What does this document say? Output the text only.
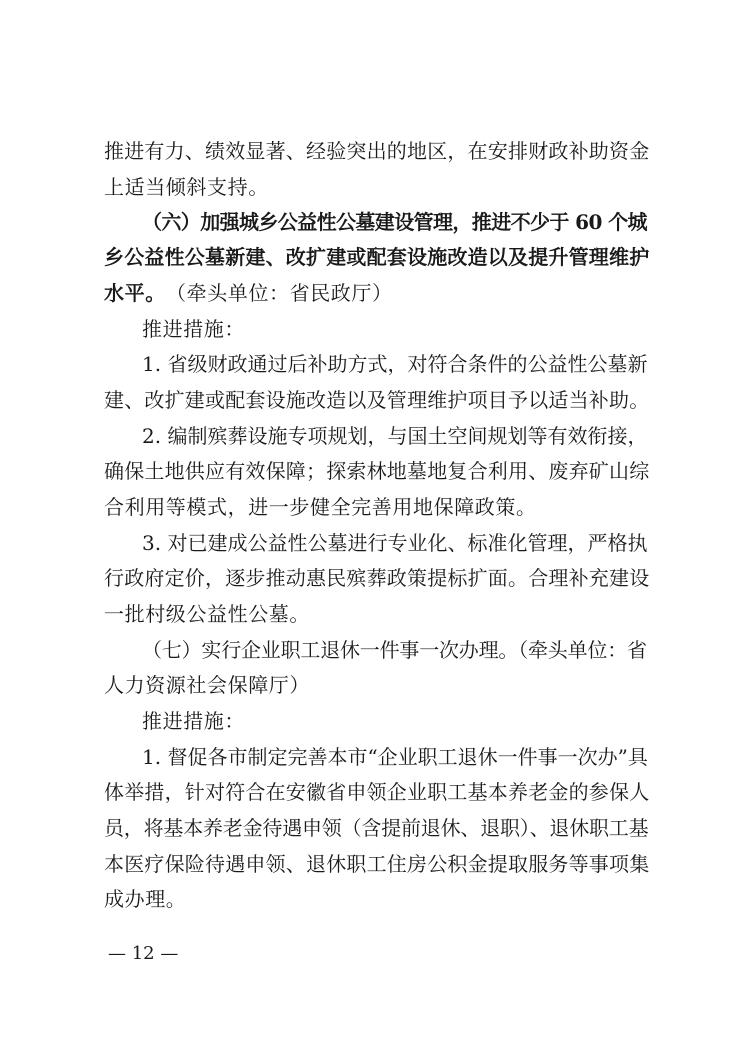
推进有力、绩效显著、经验突出的地区，在安排财政补助资金
上适当倾斜支持。
（六）加强城乡公益性公墓建设管理，推进不少于 60 个城
乡公益性公墓新建、改扩建或配套设施改造以及提升管理维护
水平。 （牵头单位：省民政厅）
推进措施：
1. 省级财政通过后补助方式，对符合条件的公益性公墓新
建、改扩建或配套设施改造以及管理维护项目予以适当补助。
2. 编制殡葬设施专项规划，与国土空间规划等有效衔接，
确保土地供应有效保障；探索林地墓地复合利用、废弃矿山综
合利用等模式，进一步健全完善用地保障政策。
3. 对已建成公益性公墓进行专业化、标准化管理，严格执
行政府定价，逐步推动惠民殡葬政策提标扩面。合理补充建设
一批村级公益性公墓。
（七）实行企业职工退休一件事一次办理。（牵头单位：省
人力资源社会保障厅）
推进措施：
1. 督促各市制定完善本市“企业职工退休一件事一次办”具
体举措，针对符合在安徽省申领企业职工基本养老金的参保人
员，将基本养老金待遇申领（含提前退休、退职）、退休职工基
本医疗保险待遇申领、退休职工住房公积金提取服务等事项集
成办理。
— 12 —
